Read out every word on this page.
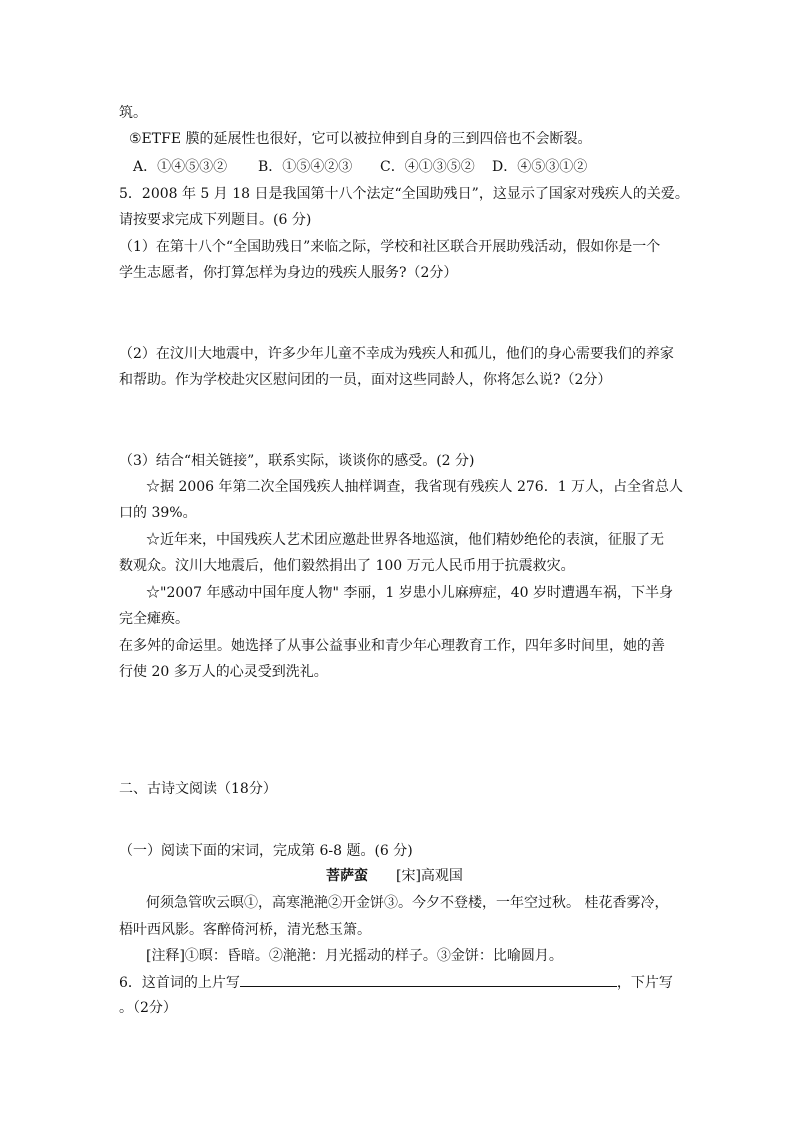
筑。
⑤ETFE 膜的延展性也很好，它可以被拉伸到自身的三到四倍也不会断裂。
A．①④⑤③② B．①⑤④②③ C．④①③⑤② D．④⑤③①②
5．2008 年 5 月 18 日是我国第十八个法定“全国助残日”，这显示了国家对残疾人的关爱。
请按要求完成下列题目。(6 分)
（1）在第十八个“全国助残日”来临之际，学校和社区联合开展助残活动，假如你是一个
学生志愿者，你打算怎样为身边的残疾人服务?（2分）
（2）在汶川大地震中，许多少年儿童不幸成为残疾人和孤儿，他们的身心需要我们的养家
和帮助。作为学校赴灾区慰问团的一员，面对这些同龄人，你将怎么说?（2分）
（3）结合“相关链接”，联系实际，谈谈你的感受。(2 分)
☆据 2006 年第二次全国残疾人抽样调查，我省现有残疾人 276．1 万人，占全省总人
口的 39%。
☆近年来，中国残疾人艺术团应邀赴世界各地巡演，他们精妙绝伦的表演，征服了无
数观众。汶川大地震后，他们毅然捐出了 100 万元人民币用于抗震救灾。
☆"2007 年感动中国年度人物" 李丽，1 岁患小儿麻痹症，40 岁时遭遇车祸，下半身
完全瘫痪。
在多舛的命运里。她选择了从事公益事业和青少年心理教育工作，四年多时间里，她的善
行使 20 多万人的心灵受到洗礼。
二、古诗文阅读（18分）
（一）阅读下面的宋词，完成第 6-8 题。(6 分)
菩萨蛮 [宋]高观国
何须急管吹云暝①，高寒滟滟②开金饼③。今夕不登楼，一年空过秋。 桂花香雾冷，
梧叶西风影。客醉倚河桥，清光愁玉箫。
[注释]①暝：昏暗。②滟滟：月光摇动的样子。③金饼：比喻圆月。
6．这首词的上片写	，下片写
。（2分）
